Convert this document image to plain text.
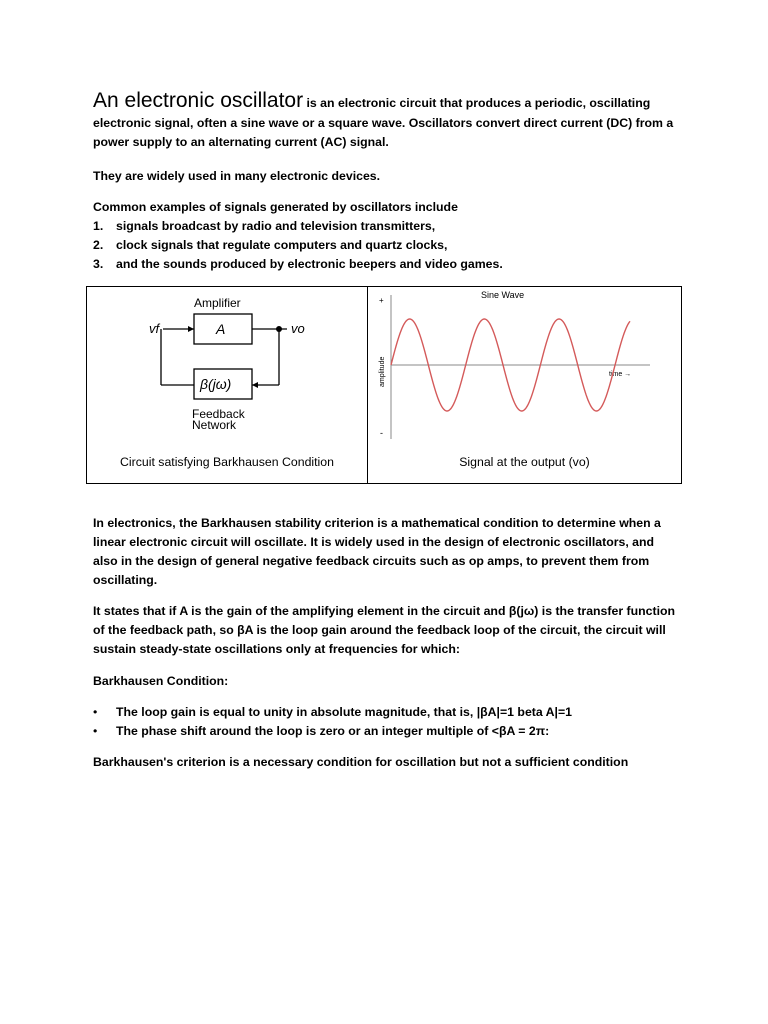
An electronic oscillator is an electronic circuit that produces a periodic, oscillating electronic signal, often a sine wave or a square wave. Oscillators convert direct current (DC) from a power supply to an alternating current (AC) signal.

They are widely used in many electronic devices.

Common examples of signals generated by oscillators include

1. signals broadcast by radio and television transmitters,
2. clock signals that regulate computers and quartz clocks,
3. and the sounds produced by electronic beepers and video games.
Amplifier
A
vf	vo
β(jω)
Feedback
Network
Circuit satisfying Barkhausen Condition
Sine Wave
+
-
amplitude	time →
Signal at the output (vo)

In electronics, the Barkhausen stability criterion is a mathematical condition to determine when a linear electronic circuit will oscillate. It is widely used in the design of electronic oscillators, and also in the design of general negative feedback circuits such as op amps, to prevent them from oscillating.

It states that if A is the gain of the amplifying element in the circuit and β(jω) is the transfer function of the feedback path, so βA is the loop gain around the feedback loop of the circuit, the circuit will sustain steady-state oscillations only at frequencies for which:

Barkhausen Condition:

• The loop gain is equal to unity in absolute magnitude, that is, |βA|=1 beta A|=1
• The phase shift around the loop is zero or an integer multiple of <βA = 2π:

Barkhausen's criterion is a necessary condition for oscillation but not a sufficient condition
